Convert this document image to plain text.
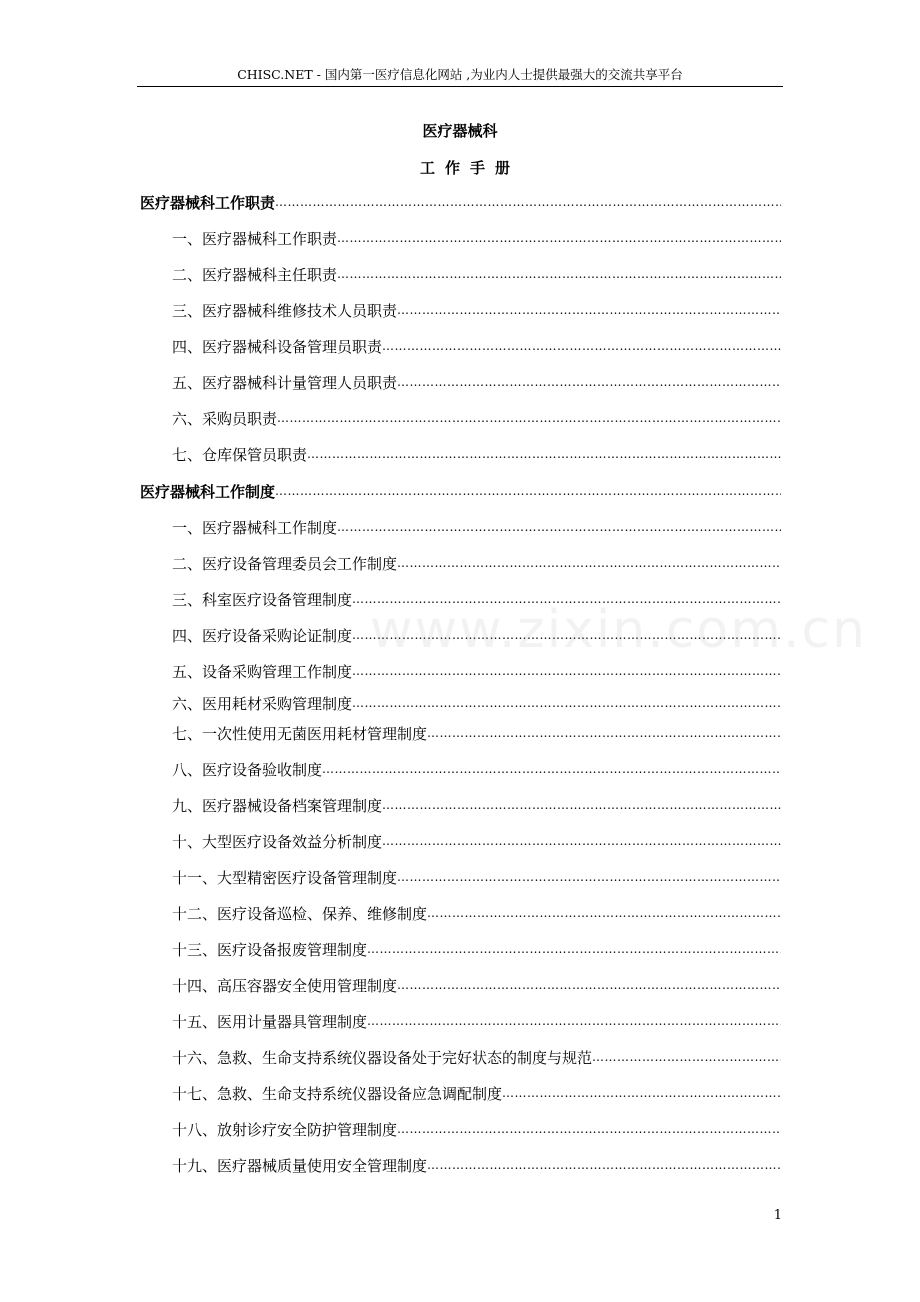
CHISC.NET - 国内第一医疗信息化网站 ,为业内人士提供最强大的交流共享平台
医疗器械科
工作手册
医疗器械科工作职责
…………………………………………………………………………………………………………………………………………………………………………………………
一、医疗器械科工作职责
…………………………………………………………………………………………………………………………………………………………………………………………
二、医疗器械科主任职责
…………………………………………………………………………………………………………………………………………………………………………………………
三、医疗器械科维修技术人员职责
…………………………………………………………………………………………………………………………………………………………………………………………
四、医疗器械科设备管理员职责
…………………………………………………………………………………………………………………………………………………………………………………………
五、医疗器械科计量管理人员职责
…………………………………………………………………………………………………………………………………………………………………………………………
六、采购员职责
…………………………………………………………………………………………………………………………………………………………………………………………
七、仓库保管员职责
…………………………………………………………………………………………………………………………………………………………………………………………
医疗器械科工作制度
…………………………………………………………………………………………………………………………………………………………………………………………
一、医疗器械科工作制度
…………………………………………………………………………………………………………………………………………………………………………………………
二、医疗设备管理委员会工作制度
…………………………………………………………………………………………………………………………………………………………………………………………
三、科室医疗设备管理制度
…………………………………………………………………………………………………………………………………………………………………………………………
四、医疗设备采购论证制度
…………………………………………………………………………………………………………………………………………………………………………………………
五、设备采购管理工作制度
…………………………………………………………………………………………………………………………………………………………………………………………
六、医用耗材采购管理制度
…………………………………………………………………………………………………………………………………………………………………………………………
七、一次性使用无菌医用耗材管理制度
…………………………………………………………………………………………………………………………………………………………………………………………
八、医疗设备验收制度
…………………………………………………………………………………………………………………………………………………………………………………………
九、医疗器械设备档案管理制度
…………………………………………………………………………………………………………………………………………………………………………………………
十、大型医疗设备效益分析制度
…………………………………………………………………………………………………………………………………………………………………………………………
十一、大型精密医疗设备管理制度
…………………………………………………………………………………………………………………………………………………………………………………………
十二、医疗设备巡检、保养、维修制度
…………………………………………………………………………………………………………………………………………………………………………………………
十三、医疗设备报废管理制度
…………………………………………………………………………………………………………………………………………………………………………………………
十四、高压容器安全使用管理制度
…………………………………………………………………………………………………………………………………………………………………………………………
十五、医用计量器具管理制度
…………………………………………………………………………………………………………………………………………………………………………………………
十六、急救、生命支持系统仪器设备处于完好状态的制度与规范
…………………………………………………………………………………………………………………………………………………………………………………………
十七、急救、生命支持系统仪器设备应急调配制度
…………………………………………………………………………………………………………………………………………………………………………………………
十八、放射诊疗安全防护管理制度
…………………………………………………………………………………………………………………………………………………………………………………………
十九、医疗器械质量使用安全管理制度
…………………………………………………………………………………………………………………………………………………………………………………………
www.zixin.com.cn
1
